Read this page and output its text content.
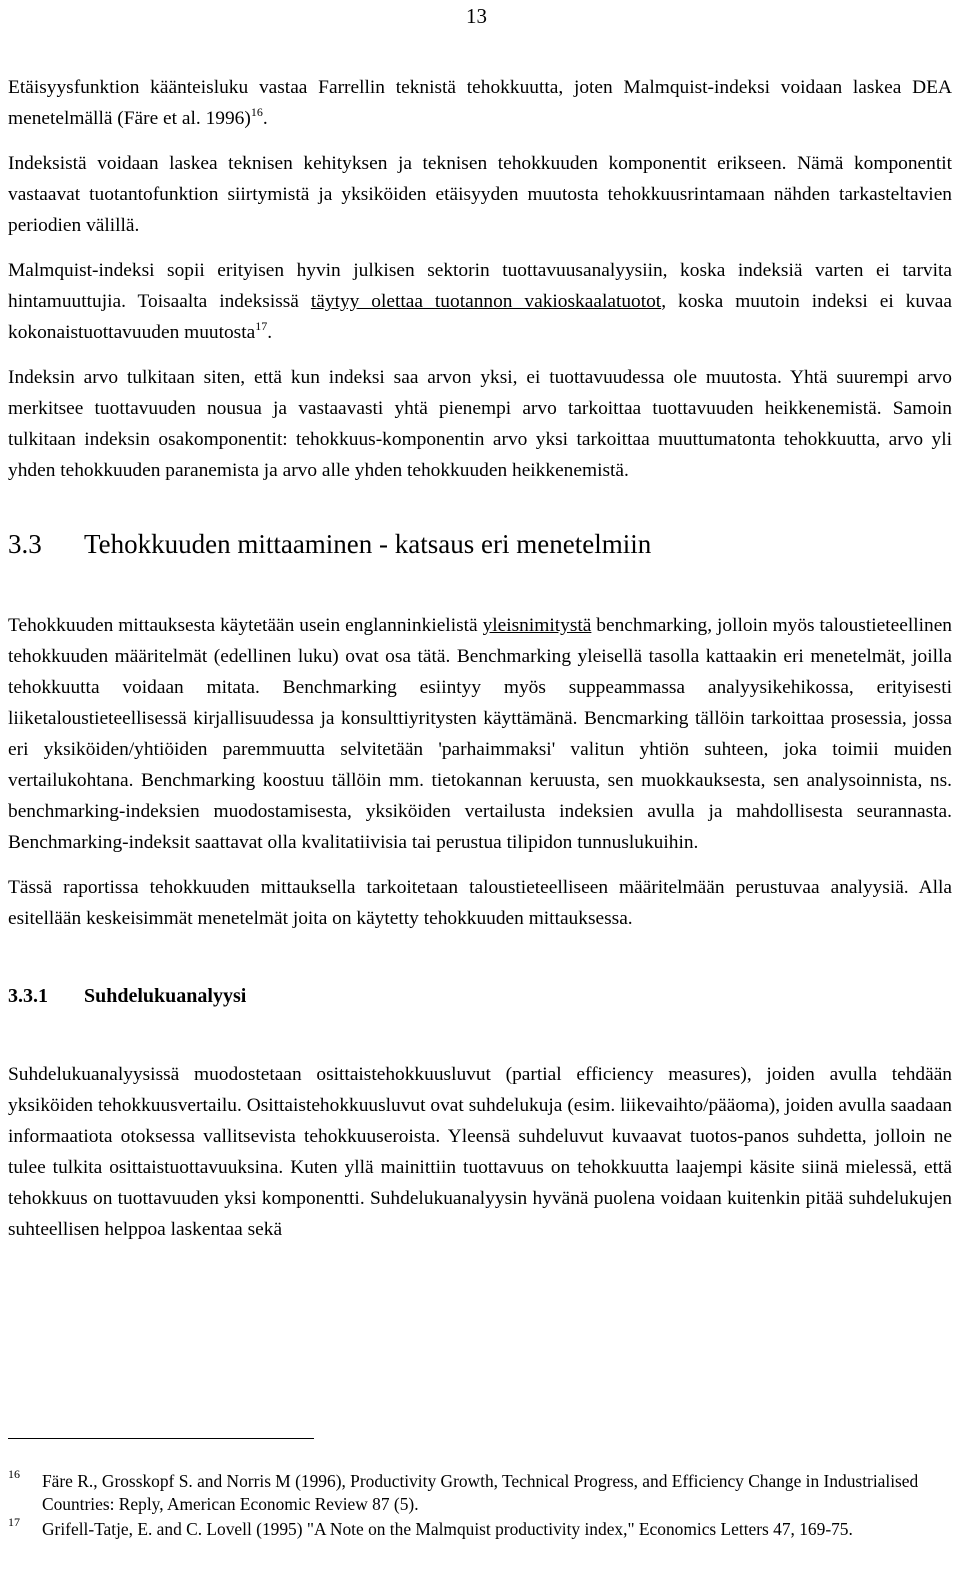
13

Etäisyysfunktion käänteisluku vastaa Farrellin teknistä tehokkuutta, joten Malmquist-indeksi voidaan laskea DEA menetelmällä (Färe et al. 1996)$^{16}$.

Indeksistä voidaan laskea teknisen kehityksen ja teknisen tehokkuuden komponentit erikseen. Nämä komponentit vastaavat tuotantofunktion siirtymistä ja yksiköiden etäisyyden muutosta tehokkuusrintamaan nähden tarkasteltavien periodien välillä.

Malmquist-indeksi sopii erityisen hyvin julkisen sektorin tuottavuusanalyysiin, koska indeksiä varten ei tarvita hintamuuttujia. Toisaalta indeksissä täytyy olettaa tuotannon vakioskaalatuotot, koska muutoin indeksi ei kuvaa kokonaistuottavuuden muutosta$^{17}$.

Indeksin arvo tulkitaan siten, että kun indeksi saa arvon yksi, ei tuottavuudessa ole muutosta. Yhtä suurempi arvo merkitsee tuottavuuden nousua ja vastaavasti yhtä pienempi arvo tarkoittaa tuottavuuden heikkenemistä. Samoin tulkitaan indeksin osakomponentit: tehokkuus-komponentin arvo yksi tarkoittaa muuttumatonta tehokkuutta, arvo yli yhden tehokkuuden paranemista ja arvo alle yhden tehokkuuden heikkenemistä.

3.3 Tehokkuuden mittaaminen - katsaus eri menetelmiin

Tehokkuuden mittauksesta käytetään usein englanninkielistä yleisnimitystä benchmarking, jolloin myös taloustieteellinen tehokkuuden määritelmät (edellinen luku) ovat osa tätä. Benchmarking yleisellä tasolla kattaakin eri menetelmät, joilla tehokkuutta voidaan mitata. Benchmarking esiintyy myös suppeammassa analyysikehikossa, erityisesti liiketaloustieteellisessä kirjallisuudessa ja konsulttiyritysten käyttämänä. Bencmarking tällöin tarkoittaa prosessia, jossa eri yksiköiden/yhtiöiden paremmuutta selvitetään 'parhaimmaksi' valitun yhtiön suhteen, joka toimii muiden vertailukohtana. Benchmarking koostuu tällöin mm. tietokannan keruusta, sen muokkauksesta, sen analysoinnista, ns. benchmarking-indeksien muodostamisesta, yksiköiden vertailusta indeksien avulla ja mahdollisesta seurannasta. Benchmarking-indeksit saattavat olla kvalitatiivisia tai perustua tilipidon tunnuslukuihin.

Tässä raportissa tehokkuuden mittauksella tarkoitetaan taloustieteelliseen määritelmään perustuvaa analyysiä. Alla esitellään keskeisimmät menetelmät joita on käytetty tehokkuuden mittauksessa.

3.3.1 Suhdelukuanalyysi

Suhdelukuanalyysissä muodostetaan osittaistehokkuusluvut (partial efficiency measures), joiden avulla tehdään yksiköiden tehokkuusvertailu. Osittaistehokkuusluvut ovat suhdelukuja (esim. liikevaihto/pääoma), joiden avulla saadaan informaatiota otoksessa vallitsevista tehokkuuseroista. Yleensä suhdeluvut kuvaavat tuotos-panos suhdetta, jolloin ne tulee tulkita osittaistuottavuuksina. Kuten yllä mainittiin tuottavuus on tehokkuutta laajempi käsite siinä mielessä, että tehokkuus on tuottavuuden yksi komponentti. Suhdelukuanalyysin hyvänä puolena voidaan kuitenkin pitää suhdelukujen suhteellisen helppoa laskentaa sekä

16 Färe R., Grosskopf S. and Norris M (1996), Productivity Growth, Technical Progress, and Efficiency Change in Industrialised Countries: Reply, American Economic Review 87 (5).
17 Grifell-Tatje, E. and C. Lovell (1995) "A Note on the Malmquist productivity index," Economics Letters 47, 169-75.
